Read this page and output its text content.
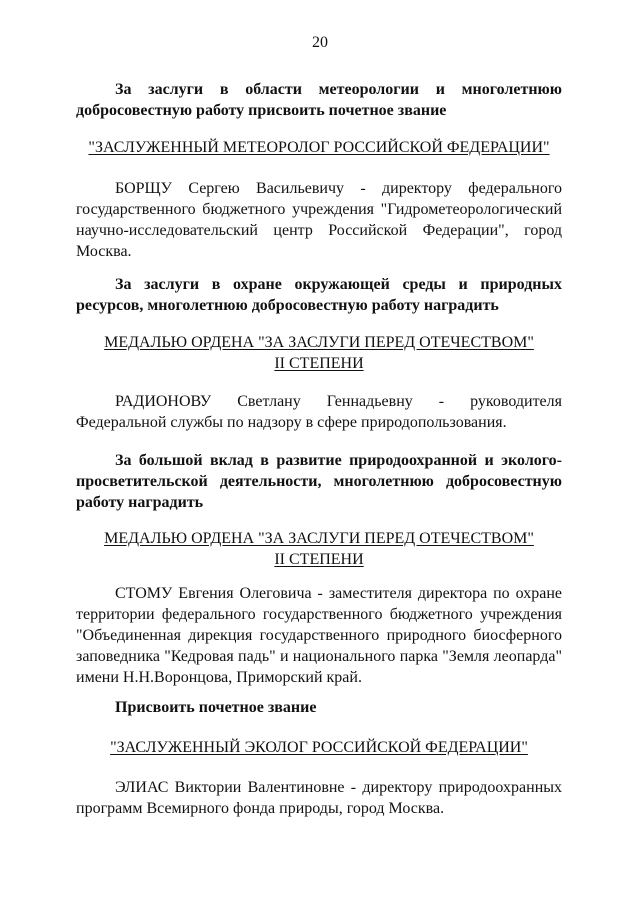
20

За заслуги в области метеорологии и многолетнюю добросовестную работу присвоить почетное звание

"ЗАСЛУЖЕННЫЙ МЕТЕОРОЛОГ РОССИЙСКОЙ ФЕДЕРАЦИИ"

БОРЩУ Сергею Васильевичу - директору федерального государственного бюджетного учреждения "Гидрометеорологический научно-исследовательский центр Российской Федерации", город Москва.

За заслуги в охране окружающей среды и природных ресурсов, многолетнюю добросовестную работу наградить

МЕДАЛЬЮ ОРДЕНА "ЗА ЗАСЛУГИ ПЕРЕД ОТЕЧЕСТВОМ"
II СТЕПЕНИ

РАДИОНОВУ Светлану Геннадьевну - руководителя Федеральной службы по надзору в сфере природопользования.

За большой вклад в развитие природоохранной и эколого-просветительской деятельности, многолетнюю добросовестную работу наградить

МЕДАЛЬЮ ОРДЕНА "ЗА ЗАСЛУГИ ПЕРЕД ОТЕЧЕСТВОМ"
II СТЕПЕНИ

СТОМУ Евгения Олеговича - заместителя директора по охране территории федерального государственного бюджетного учреждения "Объединенная дирекция государственного природного биосферного заповедника "Кедровая падь" и национального парка "Земля леопарда" имени Н.Н.Воронцова, Приморский край.

Присвоить почетное звание

"ЗАСЛУЖЕННЫЙ ЭКОЛОГ РОССИЙСКОЙ ФЕДЕРАЦИИ"

ЭЛИАС Виктории Валентиновне - директору природоохранных программ Всемирного фонда природы, город Москва.
